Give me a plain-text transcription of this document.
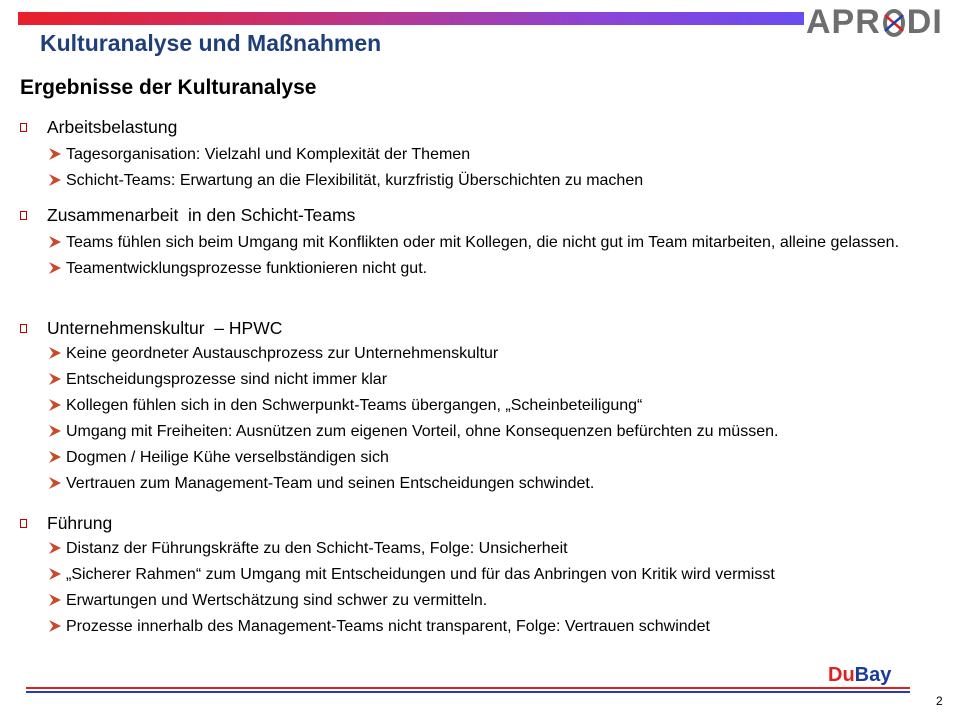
APR DI
Kulturanalyse und Maßnahmen
Ergebnisse der Kulturanalyse
Arbeitsbelastung
Tagesorganisation: Vielzahl und Komplexität der Themen
Schicht-Teams: Erwartung an die Flexibilität, kurzfristig Überschichten zu machen
Zusammenarbeit  in den Schicht-Teams
Teams fühlen sich beim Umgang mit Konflikten oder mit Kollegen, die nicht gut im Team mitarbeiten, alleine gelassen.
Teamentwicklungsprozesse funktionieren nicht gut.
Unternehmenskultur  – HPWC
Keine geordneter Austauschprozess zur Unternehmenskultur
Entscheidungsprozesse sind nicht immer klar
Kollegen fühlen sich in den Schwerpunkt-Teams übergangen, „Scheinbeteiligung“
Umgang mit Freiheiten: Ausnützen zum eigenen Vorteil, ohne Konsequenzen befürchten zu müssen.
Dogmen / Heilige Kühe verselbständigen sich
Vertrauen zum Management-Team und seinen Entscheidungen schwindet.
Führung
Distanz der Führungskräfte zu den Schicht-Teams, Folge: Unsicherheit
„Sicherer Rahmen“ zum Umgang mit Entscheidungen und für das Anbringen von Kritik wird vermisst
Erwartungen und Wertschätzung sind schwer zu vermitteln.
Prozesse innerhalb des Management-Teams nicht transparent, Folge: Vertrauen schwindet
DuBay
2
